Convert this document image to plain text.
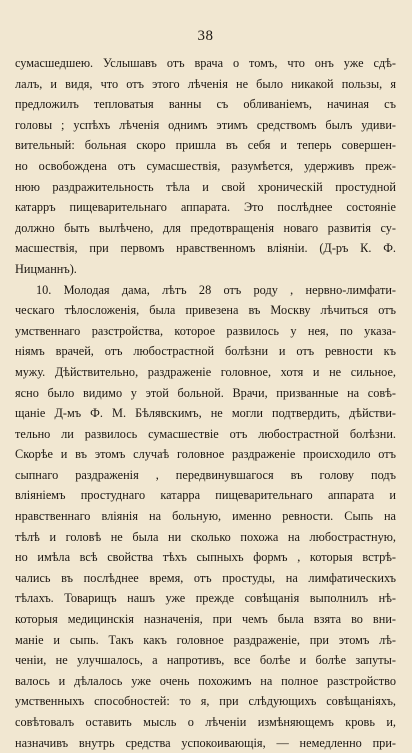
38
сумасшедшею. Услышавъ отъ врача о томъ, что онъ уже сдѣ-
лалъ, и видя, что отъ этого лѣченія не было никакой пользы, я
предложилъ тепловатыя ванны съ обливаніемъ, начиная съ
головы ; успѣхъ лѣченія однимъ этимъ средствомъ былъ удиви-
вительный: больная скоро пришла въ себя и теперь совершен-
но освобождена отъ сумасшествія, разумѣется, удерживъ преж-
нюю раздражительность тѣла и свой хроническій простудной
катарръ пищеварительнаго аппарата. Это послѣднее состояніе
должно быть вылѣчено, для предотвращенія новаго развитія су-
масшествія, при первомъ нравственномъ вліяніи. (Д-ръ К. Ф.
Ницманнъ).
10. Молодая дама, лѣтъ 28 отъ роду , нервно-лимфати-
ческаго тѣлосложенія, была привезена въ Москву лѣчиться отъ
умственнаго разстройства, которое развилось у нея, по указа-
ніямъ врачей, отъ любострастной болѣзни и отъ ревности къ
мужу. Дѣйствительно, раздраженіе головное, хотя и не сильное,
ясно было видимо у этой больной. Врачи, призванные на совѣ-
щаніе Д-мъ Ф. М. Бѣлявскимъ, не могли подтвердить, дѣйстви-
тельно ли развилось сумасшествіе отъ любострастной болѣзни.
Скорѣе и въ этомъ случаѣ головное раздраженіе происходило отъ
сыпнаго раздраженія , передвинувшагося въ голову подъ
вліяніемъ простуднаго катарра пищеварительнаго аппарата и
нравственнаго вліянія на больную, именно ревности. Сыпь на
тѣлѣ и головѣ не была ни сколько похожа на любострастную,
но имѣла всѣ свойства тѣхъ сыпныхъ формъ , которыя встрѣ-
чались въ послѣднее время, отъ простуды, на лимфатическихъ
тѣлахъ. Товарищъ нашъ уже прежде совѣщанія выполнилъ нѣ-
которыя медицинскія назначенія, при чемъ была взята во вни-
маніе и сыпь. Такъ какъ головное раздраженіе, при этомъ лѣ-
ченіи, не улучшалось, а напротивъ, все болѣе и болѣе запуты-
валось и дѣлалось уже очень похожимъ на полное разстройство
умственныхъ способностей: то я, при слѣдующихъ совѣщаніяхъ,
совѣтовалъ оставить мысль о лѣченіи измѣняющемъ кровь и,
назначивъ внутрь средства успокоивающія, — немедленно при-
